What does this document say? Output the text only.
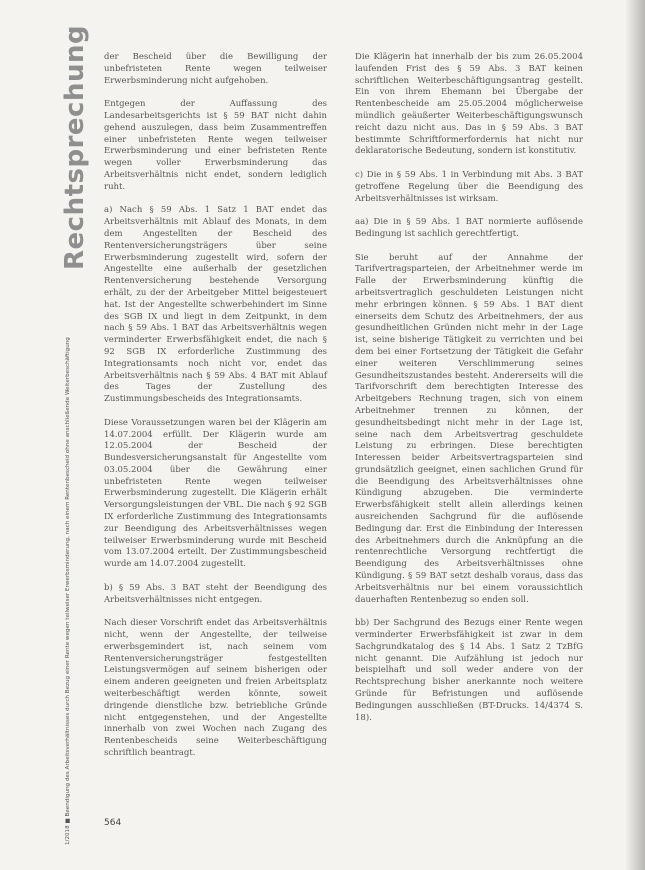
Rechtsprechung
1/2018 ■ Beendigung des Arbeitsverhältnisses durch Bezug einer Rente wegen teilweiser Erwerbsminderung, nach einem Rentenbescheid ohne anschließende Weiterbeschäftigung

der Bescheid über die Bewilligung der unbefristeten Rente wegen teilweiser Erwerbsminderung nicht aufgehoben.

Entgegen der Auffassung des Landesarbeitsgerichts ist § 59 BAT nicht dahin gehend auszulegen, dass beim Zusammentreffen einer unbefristeten Rente wegen teilweiser Erwerbsminderung und einer befristeten Rente wegen voller Erwerbsminderung das Arbeitsverhältnis nicht endet, sondern lediglich ruht.

a) Nach § 59 Abs. 1 Satz 1 BAT endet das Arbeitsverhältnis mit Ablauf des Monats, in dem dem Angestellten der Bescheid des Rentenversicherungsträgers über seine Erwerbsminderung zugestellt wird, sofern der Angestellte eine außerhalb der gesetzlichen Rentenversicherung bestehende Versorgung erhält, zu der der Arbeitgeber Mittel beigesteuert hat. Ist der Angestellte schwerbehindert im Sinne des SGB IX und liegt in dem Zeitpunkt, in dem nach § 59 Abs. 1 BAT das Arbeitsverhältnis wegen verminderter Erwerbsfähigkeit endet, die nach § 92 SGB IX erforderliche Zustimmung des Integrationsamts noch nicht vor, endet das Arbeitsverhältnis nach § 59 Abs. 4 BAT mit Ablauf des Tages der Zustellung des Zustimmungsbescheids des Integrationsamts.

Diese Voraussetzungen waren bei der Klägerin am 14.07.2004 erfüllt. Der Klägerin wurde am 12.05.2004 der Bescheid der Bundesversicherungsanstalt für Angestellte vom 03.05.2004 über die Gewährung einer unbefristeten Rente wegen teilweiser Erwerbsminderung zugestellt. Die Klägerin erhält Versorgungsleistungen der VBL. Die nach § 92 SGB IX erforderliche Zustimmung des Integrationsamts zur Beendigung des Arbeitsverhältnisses wegen teilweiser Erwerbsminderung wurde mit Bescheid vom 13.07.2004 erteilt. Der Zustimmungsbescheid wurde am 14.07.2004 zugestellt.

b) § 59 Abs. 3 BAT steht der Beendigung des Arbeitsverhältnisses nicht entgegen.

Nach dieser Vorschrift endet das Arbeitsverhältnis nicht, wenn der Angestellte, der teilweise erwerbsgemindert ist, nach seinem vom Rentenversicherungsträger festgestellten Leistungsvermögen auf seinem bisherigen oder einem anderen geeigneten und freien Arbeitsplatz weiterbeschäftigt werden könnte, soweit dringende dienstliche bzw. betriebliche Gründe nicht entgegenstehen, und der Angestellte innerhalb von zwei Wochen nach Zugang des Rentenbescheids seine Weiterbeschäftigung schriftlich beantragt.

Die Klägerin hat innerhalb der bis zum 26.05.2004 laufenden Frist des § 59 Abs. 3 BAT keinen schriftlichen Weiterbeschäftigungsantrag gestellt. Ein von ihrem Ehemann bei Übergabe der Rentenbescheide am 25.05.2004 möglicherweise mündlich geäußerter Weiterbeschäftigungswunsch reicht dazu nicht aus. Das in § 59 Abs. 3 BAT bestimmte Schriftformerfordernis hat nicht nur deklaratorische Bedeutung, sondern ist konstitutiv.

c) Die in § 59 Abs. 1 in Verbindung mit Abs. 3 BAT getroffene Regelung über die Beendigung des Arbeitsverhältnisses ist wirksam.

aa) Die in § 59 Abs. 1 BAT normierte auflösende Bedingung ist sachlich gerechtfertigt.

Sie beruht auf der Annahme der Tarifvertragsparteien, der Arbeitnehmer werde im Falle der Erwerbsminderung künftig die arbeitsvertraglich geschuldeten Leistungen nicht mehr erbringen können. § 59 Abs. 1 BAT dient einerseits dem Schutz des Arbeitnehmers, der aus gesundheitlichen Gründen nicht mehr in der Lage ist, seine bisherige Tätigkeit zu verrichten und bei dem bei einer Fortsetzung der Tätigkeit die Gefahr einer weiteren Verschlimmerung seines Gesundheitszustandes besteht. Andererseits will die Tarifvorschrift dem berechtigten Interesse des Arbeitgebers Rechnung tragen, sich von einem Arbeitnehmer trennen zu können, der gesundheitsbedingt nicht mehr in der Lage ist, seine nach dem Arbeitsvertrag geschuldete Leistung zu erbringen. Diese berechtigten Interessen beider Arbeitsvertragsparteien sind grundsätzlich geeignet, einen sachlichen Grund für die Beendigung des Arbeitsverhältnisses ohne Kündigung abzugeben. Die verminderte Erwerbsfähigkeit stellt allein allerdings keinen ausreichenden Sachgrund für die auflösende Bedingung dar. Erst die Einbindung der Interessen des Arbeitnehmers durch die Anknüpfung an die rentenrechtliche Versorgung rechtfertigt die Beendigung des Arbeitsverhältnisses ohne Kündigung. § 59 BAT setzt deshalb voraus, dass das Arbeitsverhältnis nur bei einem voraussichtlich dauerhaften Rentenbezug so enden soll.

bb) Der Sachgrund des Bezugs einer Rente wegen verminderter Erwerbsfähigkeit ist zwar in dem Sachgrundkatalog des § 14 Abs. 1 Satz 2 TzBfG nicht genannt. Die Aufzählung ist jedoch nur beispielhaft und soll weder andere von der Rechtsprechung bisher anerkannte noch weitere Gründe für Befristungen und auflösende Bedingungen ausschließen (BT-Drucks. 14/4374 S. 18).

564
